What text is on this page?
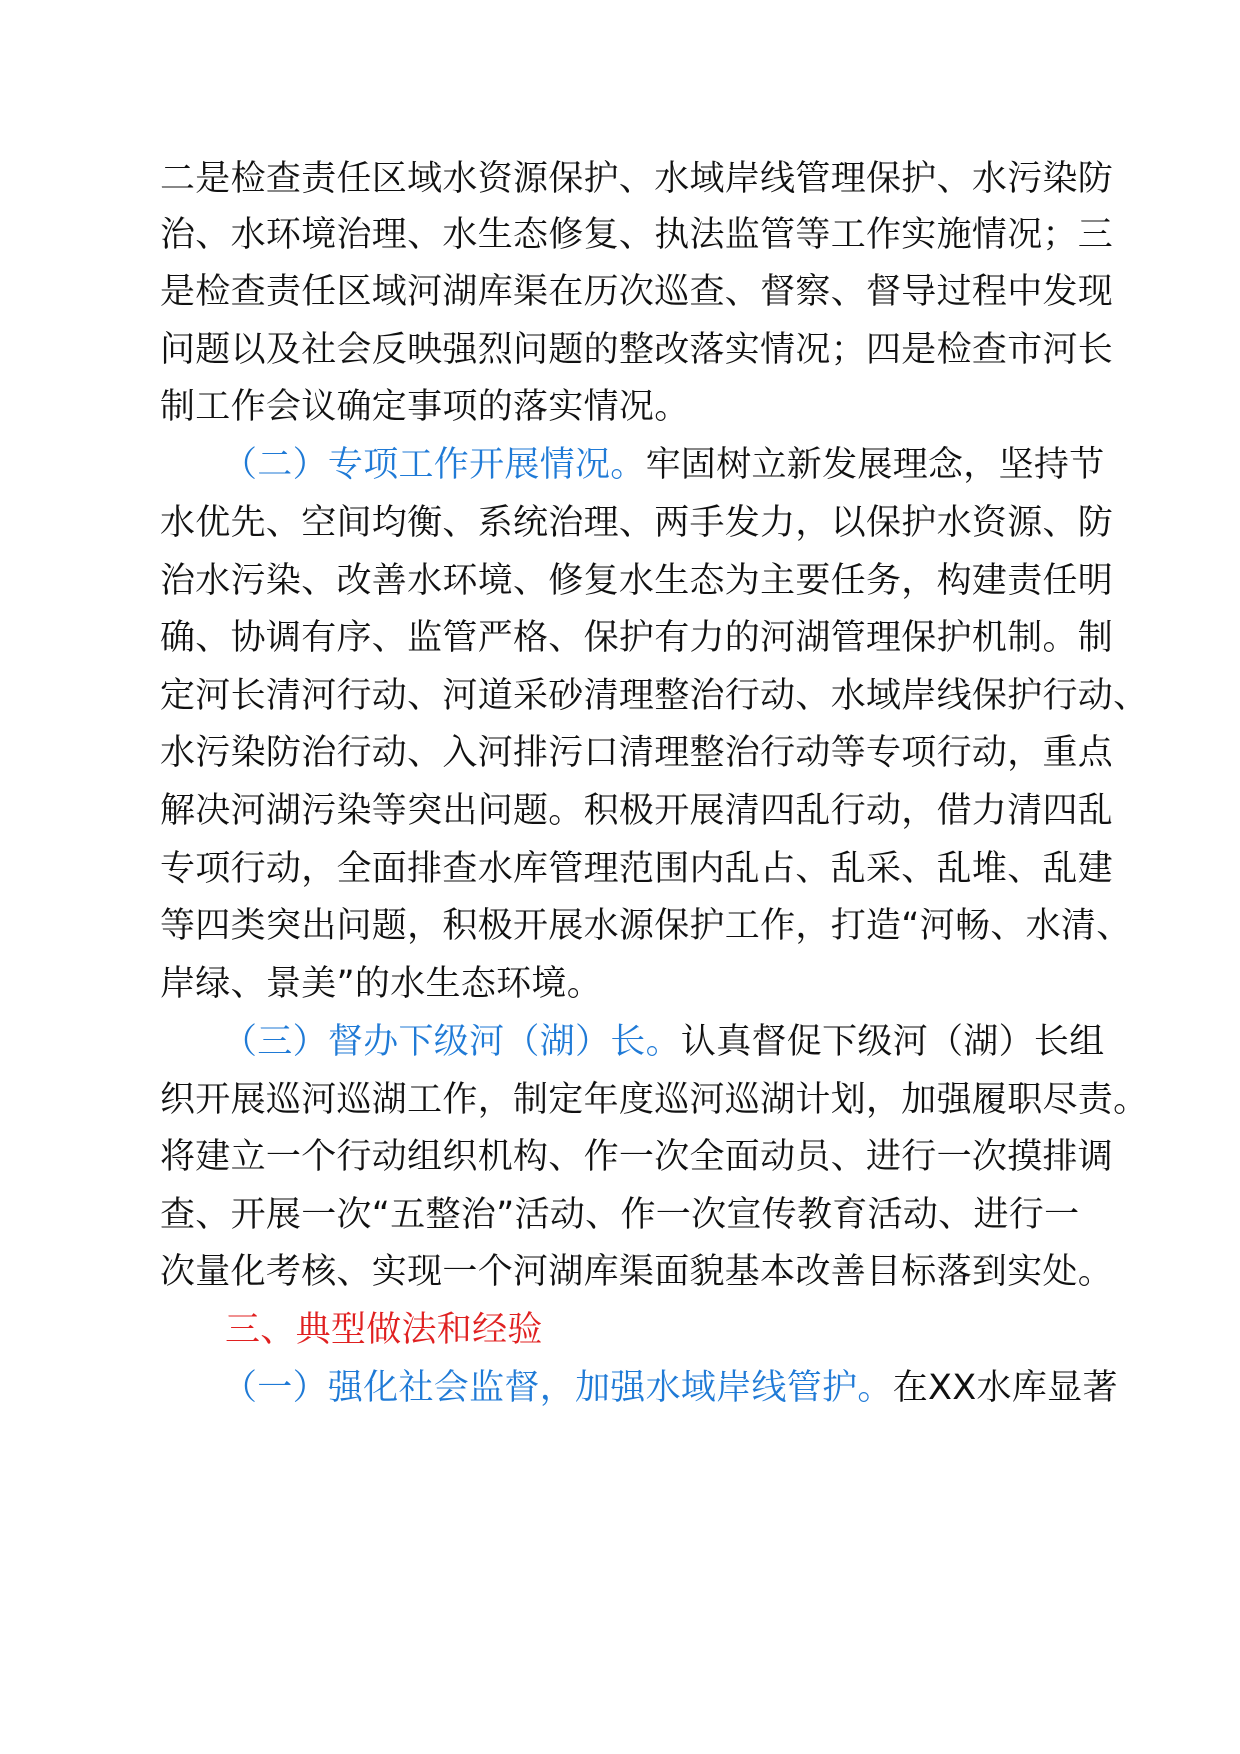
二是检查责任区域水资源保护、水域岸线管理保护、水污染防
治、水环境治理、水生态修复、执法监管等工作实施情况；三
是检查责任区域河湖库渠在历次巡查、督察、督导过程中发现
问题以及社会反映强烈问题的整改落实情况；四是检查市河长
制工作会议确定事项的落实情况。
（二）专项工作开展情况。牢固树立新发展理念，坚持节
水优先、空间均衡、系统治理、两手发力，以保护水资源、防
治水污染、改善水环境、修复水生态为主要任务，构建责任明
确、协调有序、监管严格、保护有力的河湖管理保护机制。制
定河长清河行动、河道采砂清理整治行动、水域岸线保护行动、
水污染防治行动、入河排污口清理整治行动等专项行动，重点
解决河湖污染等突出问题。积极开展清四乱行动，借力清四乱
专项行动，全面排查水库管理范围内乱占、乱采、乱堆、乱建
等四类突出问题，积极开展水源保护工作，打造“河畅、水清、
岸绿、景美”的水生态环境。
（三）督办下级河（湖）长。认真督促下级河（湖）长组
织开展巡河巡湖工作，制定年度巡河巡湖计划，加强履职尽责。
将建立一个行动组织机构、作一次全面动员、进行一次摸排调
查、开展一次“五整治”活动、作一次宣传教育活动、进行一
次量化考核、实现一个河湖库渠面貌基本改善目标落到实处。
三、典型做法和经验
（一）强化社会监督，加强水域岸线管护。在XX水库显著
